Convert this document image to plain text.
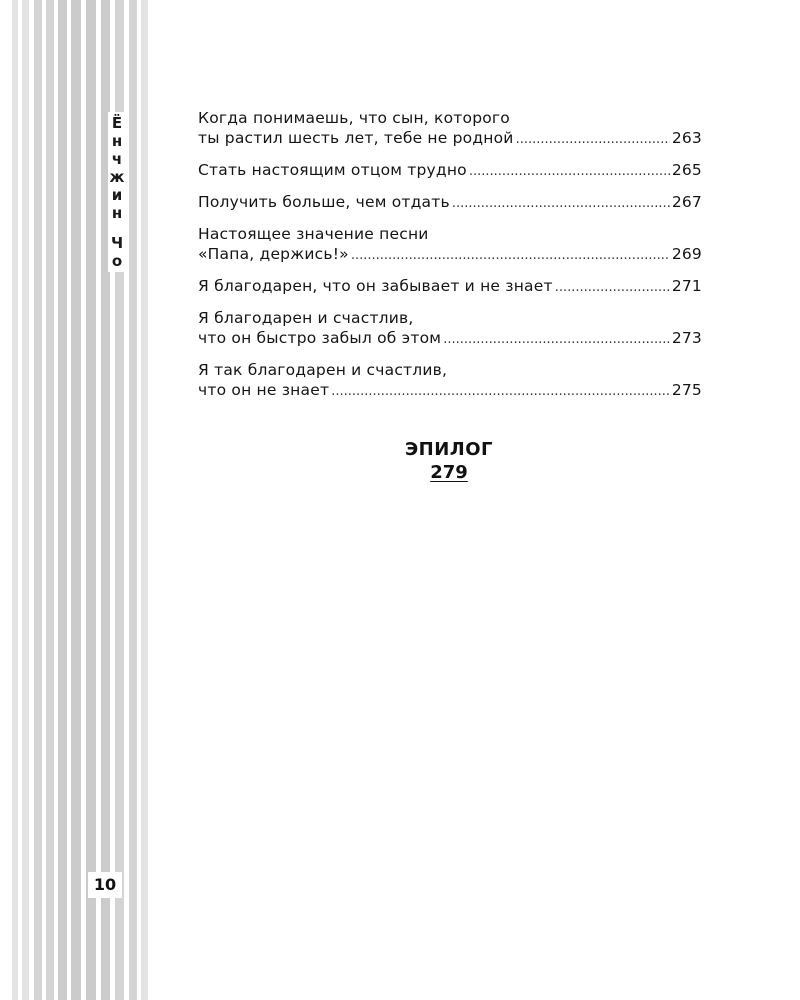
Ё
н
ч
ж
и
н
Ч
о
10
Когда понимаешь, что сын, которого
ты растил шесть лет, тебе не родной .....	263
Стать настоящим отцом трудно .....	265
Получить больше, чем отдать .....	267
Настоящее значение песни
«Папа, держись!» .....	269
Я благодарен, что он забывает и не знает .....	271
Я благодарен и счастлив,
что он быстро забыл об этом .....	273
Я так благодарен и счастлив,
что он не знает .....	275
ЭПИЛОГ
279
